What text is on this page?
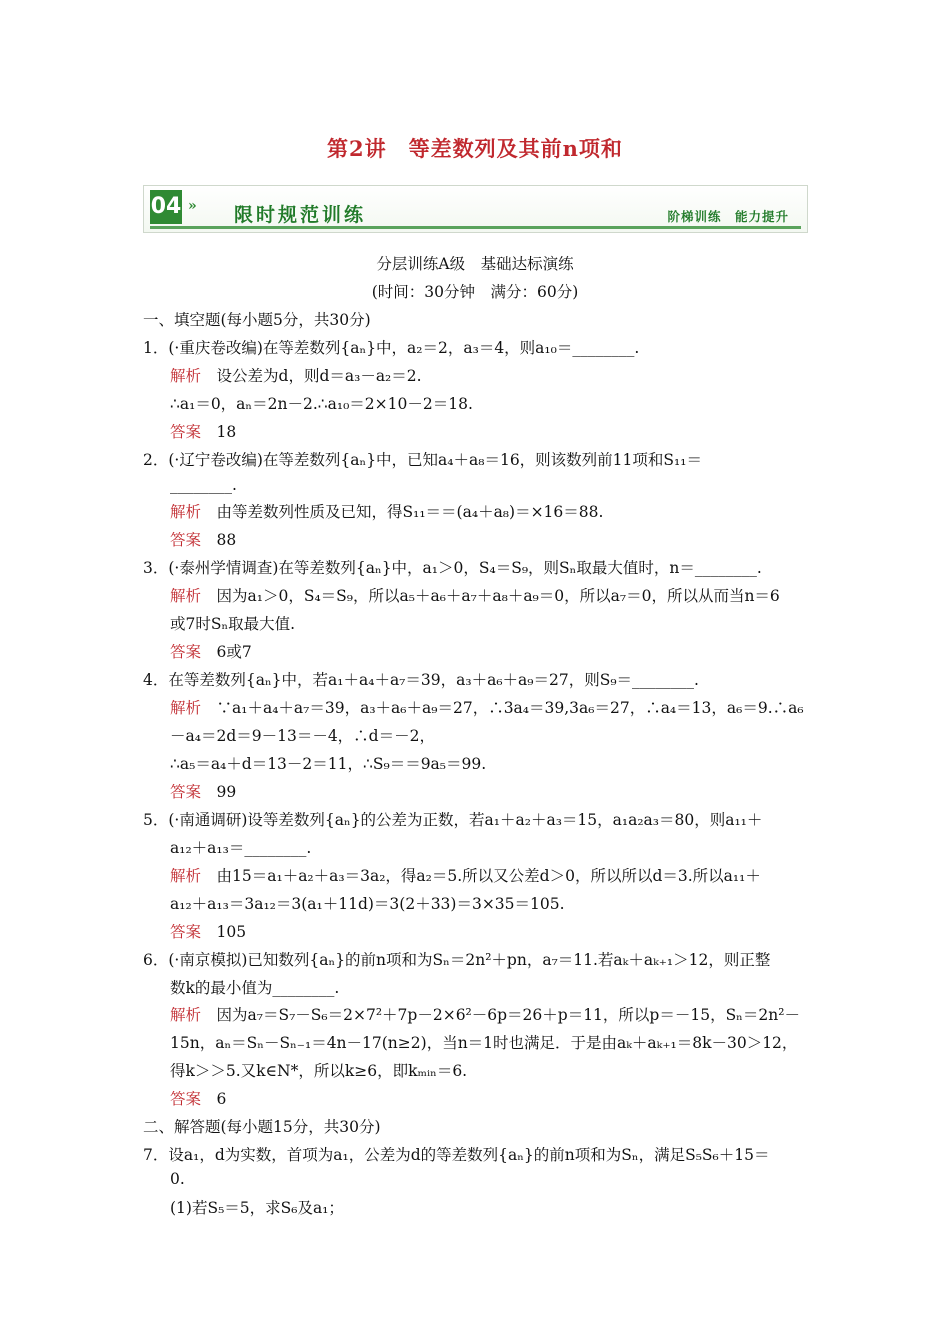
第2讲　等差数列及其前n项和
04 » 限时规范训练	阶梯训练　能力提升
分层训练A级　基础达标演练
(时间：30分钟　满分：60分)
一、填空题(每小题5分，共30分)
1．(·重庆卷改编)在等差数列{aₙ}中，a₂＝2，a₃＝4，则a₁₀＝________.
解析　设公差为d，则d＝a₃－a₂＝2.
∴a₁＝0，aₙ＝2n－2.∴a₁₀＝2×10－2＝18.
答案　18
2．(·辽宁卷改编)在等差数列{aₙ}中，已知a₄＋a₈＝16，则该数列前11项和S₁₁＝
________.
解析　由等差数列性质及已知，得S₁₁＝＝(a₄＋a₈)＝×16＝88.
答案　88
3．(·泰州学情调查)在等差数列{aₙ}中，a₁＞0，S₄＝S₉，则Sₙ取最大值时，n＝________.
解析　因为a₁＞0，S₄＝S₉，所以a₅＋a₆＋a₇＋a₈＋a₉＝0，所以a₇＝0，所以从而当n＝6
或7时Sₙ取最大值.
答案　6或7
4．在等差数列{aₙ}中，若a₁＋a₄＋a₇＝39，a₃＋a₆＋a₉＝27，则S₉＝________.
解析　∵a₁＋a₄＋a₇＝39，a₃＋a₆＋a₉＝27，∴3a₄＝39,3a₆＝27，∴a₄＝13，a₆＝9.∴a₆
－a₄＝2d＝9－13＝－4，∴d＝－2，
∴a₅＝a₄＋d＝13－2＝11，∴S₉＝＝9a₅＝99.
答案　99
5．(·南通调研)设等差数列{aₙ}的公差为正数，若a₁＋a₂＋a₃＝15，a₁a₂a₃＝80，则a₁₁＋
a₁₂＋a₁₃＝________.
解析　由15＝a₁＋a₂＋a₃＝3a₂，得a₂＝5.所以又公差d＞0，所以所以d＝3.所以a₁₁＋
a₁₂＋a₁₃＝3a₁₂＝3(a₁＋11d)＝3(2＋33)＝3×35＝105.
答案　105
6．(·南京模拟)已知数列{aₙ}的前n项和为Sₙ＝2n²＋pn，a₇＝11.若aₖ＋aₖ₊₁＞12，则正整
数k的最小值为________.
解析　因为a₇＝S₇－S₆＝2×7²＋7p－2×6²－6p＝26＋p＝11，所以p＝－15，Sₙ＝2n²－
15n，aₙ＝Sₙ－Sₙ₋₁＝4n－17(n≥2)，当n＝1时也满足．于是由aₖ＋aₖ₊₁＝8k－30＞12，
得k＞＞5.又k∈N*，所以k≥6，即kₘᵢₙ＝6.
答案　6
二、解答题(每小题15分，共30分)
7．设a₁，d为实数，首项为a₁，公差为d的等差数列{aₙ}的前n项和为Sₙ，满足S₅S₆＋15＝
0.
(1)若S₅＝5，求S₆及a₁；
